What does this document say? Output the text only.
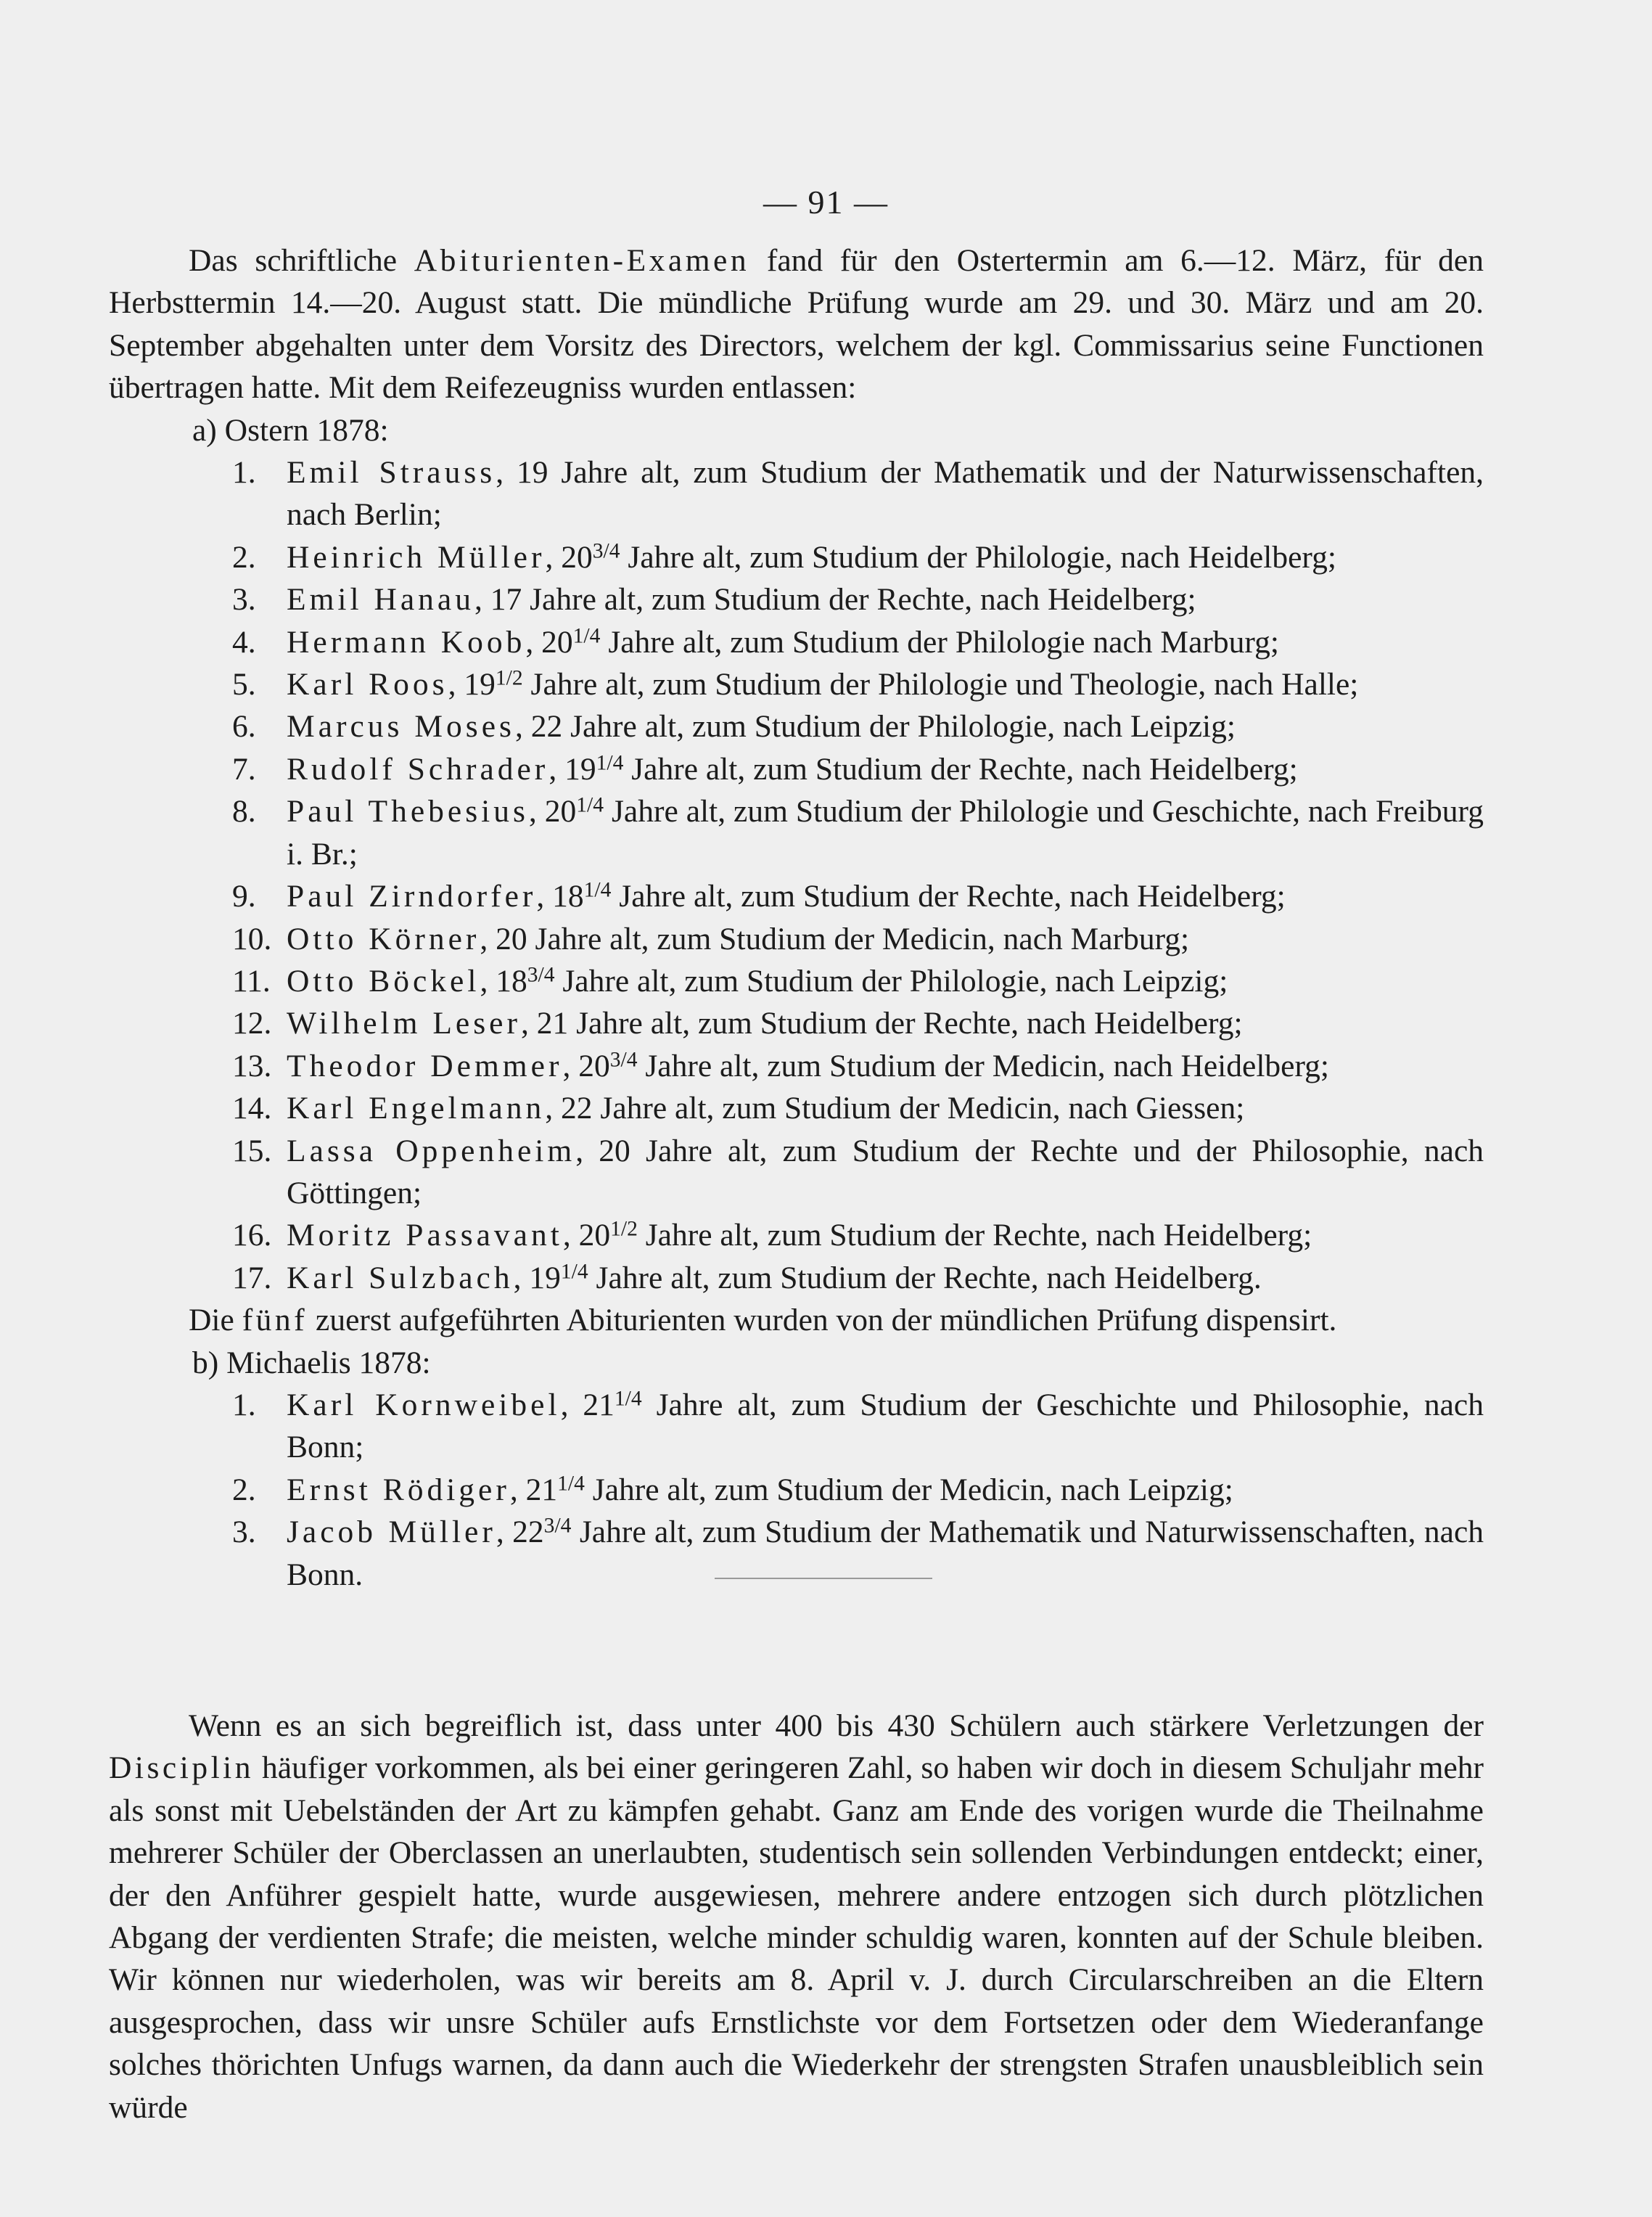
— 91 —
Das schriftliche Abiturienten-Examen fand für den Ostertermin am 6.—12. März, für den Herbsttermin 14.—20. August statt. Die mündliche Prüfung wurde am 29. und 30. März und am 20. September abgehalten unter dem Vorsitz des Directors, welchem der kgl. Commissarius seine Functionen übertragen hatte. Mit dem Reifezeugniss wurden entlassen:
a) Ostern 1878:
1. Emil Strauss, 19 Jahre alt, zum Studium der Mathematik und der Naturwissenschaften, nach Berlin;
2. Heinrich Müller, $20^{3/4}$ Jahre alt, zum Studium der Philologie, nach Heidelberg;
3. Emil Hanau, 17 Jahre alt, zum Studium der Rechte, nach Heidelberg;
4. Hermann Koob, $20^{1/4}$ Jahre alt, zum Studium der Philologie nach Marburg;
5. Karl Roos, $19^{1/2}$ Jahre alt, zum Studium der Philologie und Theologie, nach Halle;
6. Marcus Moses, 22 Jahre alt, zum Studium der Philologie, nach Leipzig;
7. Rudolf Schrader, $19^{1/4}$ Jahre alt, zum Studium der Rechte, nach Heidelberg;
8. Paul Thebesius, $20^{1/4}$ Jahre alt, zum Studium der Philologie und Geschichte, nach Freiburg i. Br.;
9. Paul Zirndorfer, $18^{1/4}$ Jahre alt, zum Studium der Rechte, nach Heidelberg;
10. Otto Körner, 20 Jahre alt, zum Studium der Medicin, nach Marburg;
11. Otto Böckel, $18^{3/4}$ Jahre alt, zum Studium der Philologie, nach Leipzig;
12. Wilhelm Leser, 21 Jahre alt, zum Studium der Rechte, nach Heidelberg;
13. Theodor Demmer, $20^{3/4}$ Jahre alt, zum Studium der Medicin, nach Heidelberg;
14. Karl Engelmann, 22 Jahre alt, zum Studium der Medicin, nach Giessen;
15. Lassa Oppenheim, 20 Jahre alt, zum Studium der Rechte und der Philosophie, nach Göttingen;
16. Moritz Passavant, $20^{1/2}$ Jahre alt, zum Studium der Rechte, nach Heidelberg;
17. Karl Sulzbach, $19^{1/4}$ Jahre alt, zum Studium der Rechte, nach Heidelberg.
Die fünf zuerst aufgeführten Abiturienten wurden von der mündlichen Prüfung dispensirt.
b) Michaelis 1878:
1. Karl Kornweibel, $21^{1/4}$ Jahre alt, zum Studium der Geschichte und Philosophie, nach Bonn;
2. Ernst Rödiger, $21^{1/4}$ Jahre alt, zum Studium der Medicin, nach Leipzig;
3. Jacob Müller, $22^{3/4}$ Jahre alt, zum Studium der Mathematik und Naturwissenschaften, nach Bonn.
Wenn es an sich begreiflich ist, dass unter 400 bis 430 Schülern auch stärkere Verletzungen der Disciplin häufiger vorkommen, als bei einer geringeren Zahl, so haben wir doch in diesem Schuljahr mehr als sonst mit Uebelständen der Art zu kämpfen gehabt. Ganz am Ende des vorigen wurde die Theilnahme mehrerer Schüler der Oberclassen an unerlaubten, studentisch sein sollenden Verbindungen entdeckt; einer, der den Anführer gespielt hatte, wurde ausgewiesen, mehrere andere entzogen sich durch plötzlichen Abgang der verdienten Strafe; die meisten, welche minder schuldig waren, konnten auf der Schule bleiben. Wir können nur wiederholen, was wir bereits am 8. April v. J. durch Circularschreiben an die Eltern ausgesprochen, dass wir unsre Schüler aufs Ernstlichste vor dem Fortsetzen oder dem Wiederanfange solches thörichten Unfugs warnen, da dann auch die Wiederkehr der strengsten Strafen unausbleiblich sein würde
